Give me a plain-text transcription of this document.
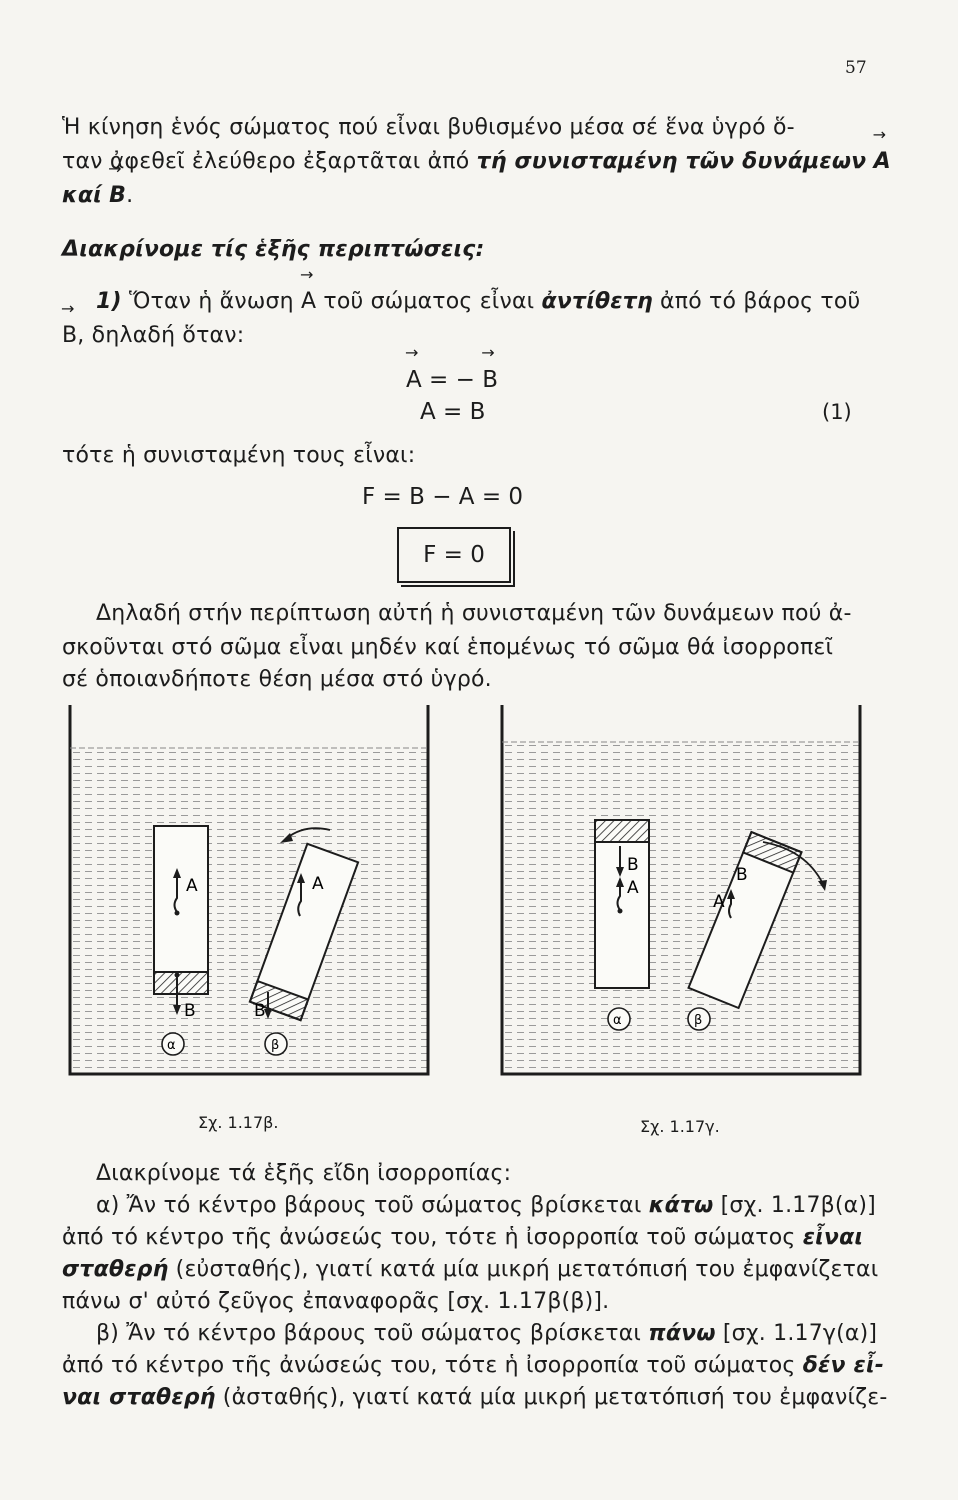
57
Ἡ κίνηση ἑνός σώματος πού εἶναι βυθισμένο μέσα σέ ἕνα ὑγρό ὅ-
ταν ἀφεθεῖ ἐλεύθερο ἐξαρτᾶται ἀπό τή συνισταμένη τῶν δυνάμεων → A
καί → B.
Διακρίνομε τίς ἑξῆς περιπτώσεις:
1) Ὅταν ἡ ἄνωση → A τοῦ σώματος εἶναι ἀντίθετη ἀπό τό βάρος τοῦ
→ B, δηλαδή ὅταν:
→ A = − → B
A = B	(1)
τότε ἡ συνισταμένη τους εἶναι:
F = B − A = 0
F = 0
Δηλαδή στήν περίπτωση αὐτή ἡ συνισταμένη τῶν δυνάμεων πού ἀ-
σκοῦνται στό σῶμα εἶναι μηδέν καί ἑπομένως τό σῶμα θά ἰσορροπεῖ
σέ ὁποιανδήποτε θέση μέσα στό ὑγρό.
A
B
A
B
α	β
B
A
B
A
α	β
Σχ. 1.17β.	Σχ. 1.17γ.
Διακρίνομε τά ἑξῆς εἴδη ἰσορροπίας:
α) Ἄν τό κέντρο βάρους τοῦ σώματος βρίσκεται κάτω [σχ. 1.17β(α)]
ἀπό τό κέντρο τῆς ἀνώσεώς του, τότε ἡ ἰσορροπία τοῦ σώματος εἶναι
σταθερή (εὐσταθής), γιατί κατά μία μικρή μετατόπισή του ἐμφανίζεται
πάνω σ' αὐτό ζεῦγος ἐπαναφορᾶς [σχ. 1.17β(β)].
β) Ἄν τό κέντρο βάρους τοῦ σώματος βρίσκεται πάνω [σχ. 1.17γ(α)]
ἀπό τό κέντρο τῆς ἀνώσεώς του, τότε ἡ ἰσορροπία τοῦ σώματος δέν εἶ-
ναι σταθερή (ἀσταθής), γιατί κατά μία μικρή μετατόπισή του ἐμφανίζε-
